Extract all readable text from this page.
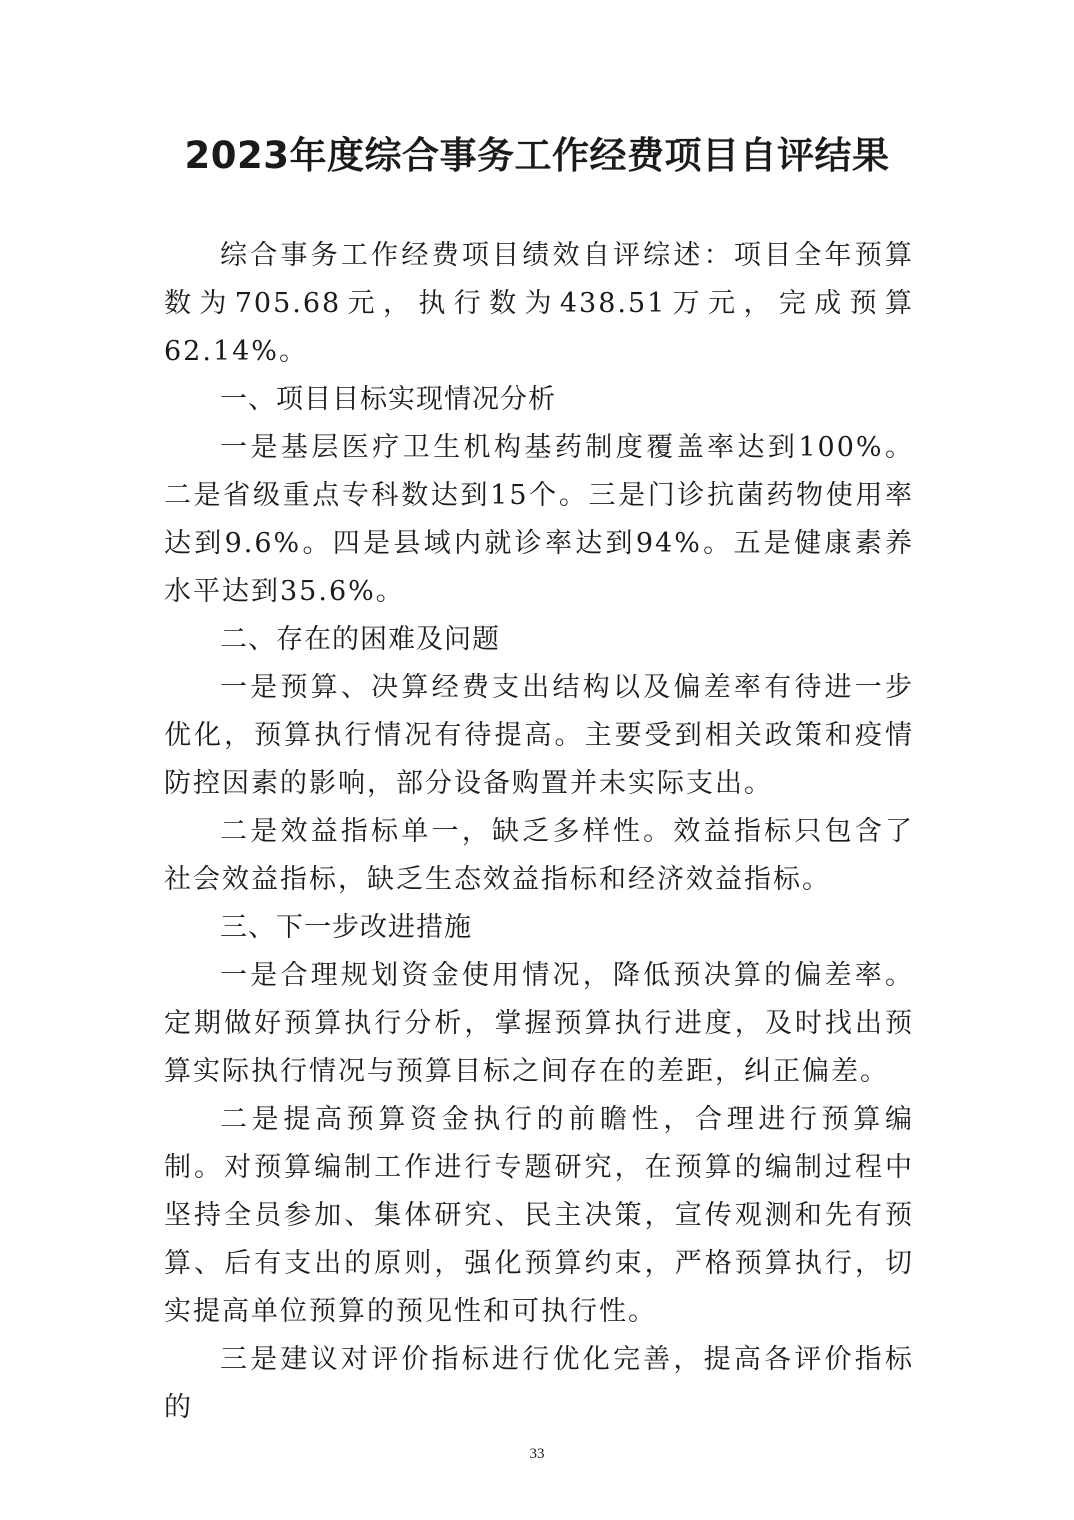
2023年度综合事务工作经费项目自评结果

综合事务工作经费项目绩效自评综述：项目全年预算数为705.68元，执行数为438.51万元，完成预算62.14%。

一、项目目标实现情况分析

一是基层医疗卫生机构基药制度覆盖率达到100%。二是省级重点专科数达到15个。三是门诊抗菌药物使用率达到9.6%。四是县域内就诊率达到94%。五是健康素养水平达到35.6%。

二、存在的困难及问题

一是预算、决算经费支出结构以及偏差率有待进一步优化，预算执行情况有待提高。主要受到相关政策和疫情防控因素的影响，部分设备购置并未实际支出。

二是效益指标单一，缺乏多样性。效益指标只包含了社会效益指标，缺乏生态效益指标和经济效益指标。

三、下一步改进措施

一是合理规划资金使用情况，降低预决算的偏差率。定期做好预算执行分析，掌握预算执行进度，及时找出预算实际执行情况与预算目标之间存在的差距，纠正偏差。

二是提高预算资金执行的前瞻性，合理进行预算编制。对预算编制工作进行专题研究，在预算的编制过程中坚持全员参加、集体研究、民主决策，宣传观测和先有预算、后有支出的原则，强化预算约束，严格预算执行，切实提高单位预算的预见性和可执行性。

三是建议对评价指标进行优化完善，提高各评价指标的

33
